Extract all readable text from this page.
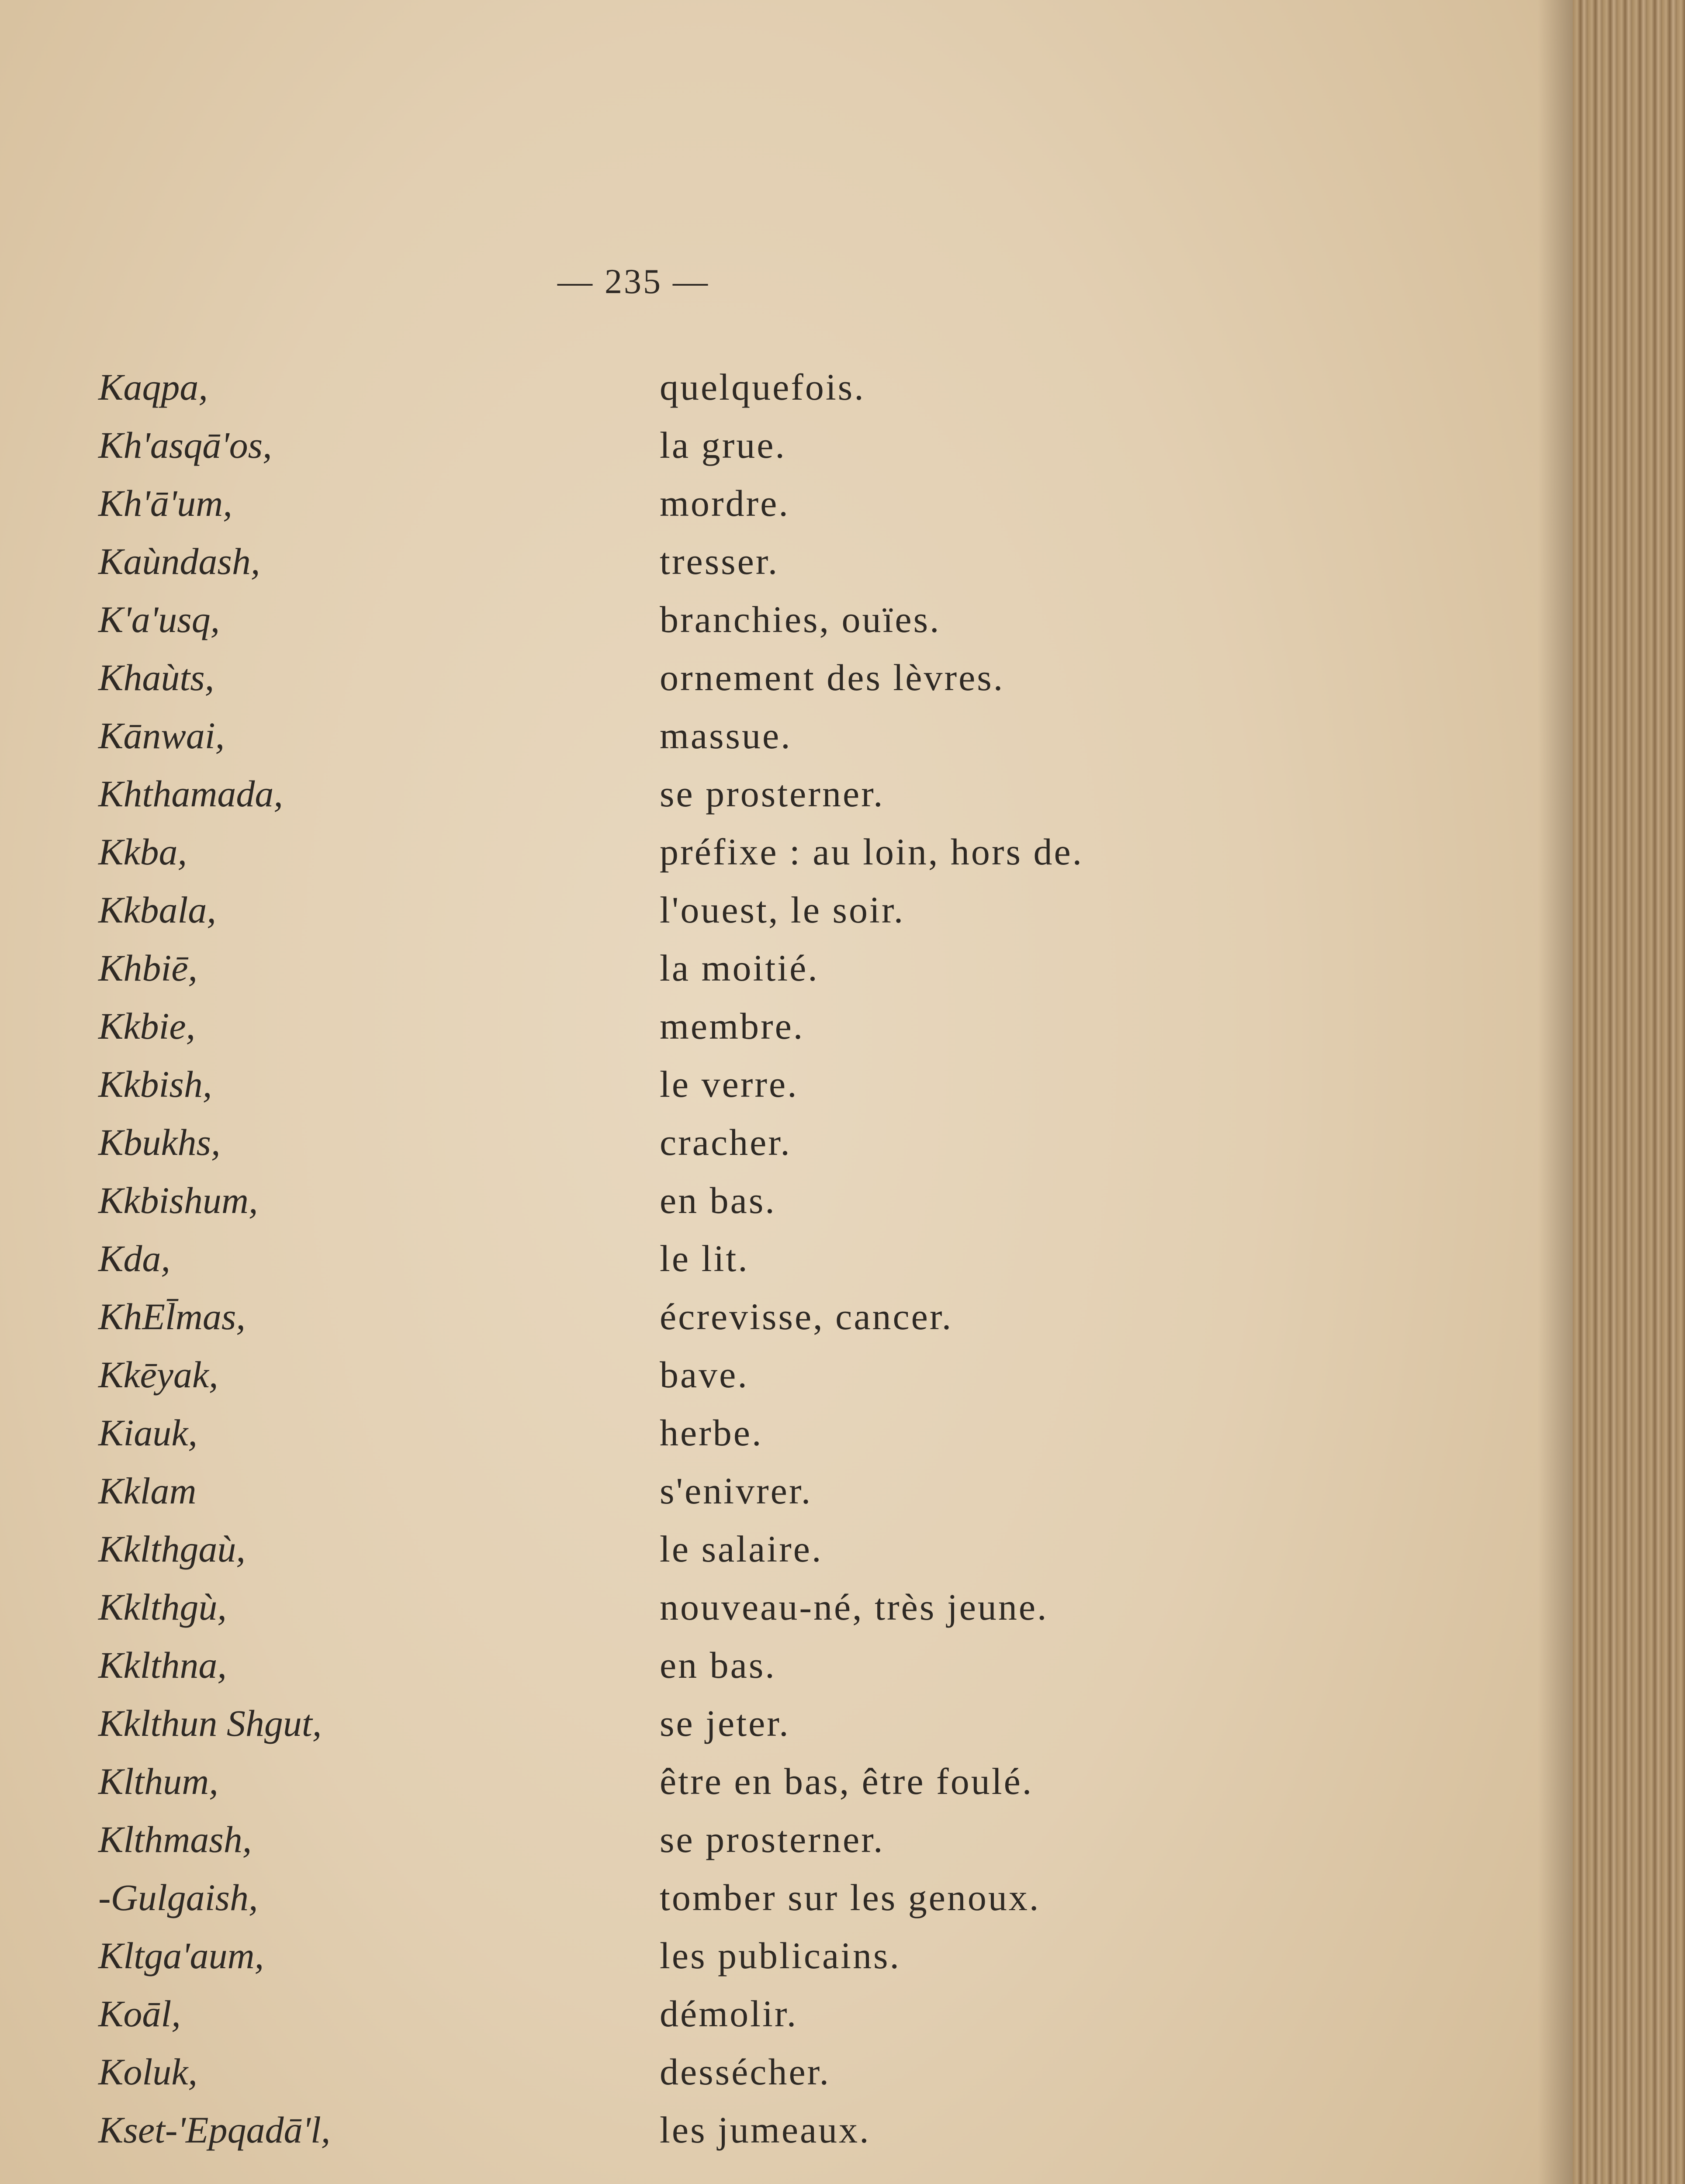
— 235 —
Kaqpa,	quelquefois.
Kh'asqā'os,	la grue.
Kh'ā'um,	mordre.
Kaùndash,	tresser.
K'a'usq,	branchies, ouïes.
Khaùts,	ornement des lèvres.
Kānwai,	massue.
Khthamada,	se prosterner.
Kkba,	préfixe : au loin, hors de.
Kkbala,	l'ouest, le soir.
Khbiē,	la moitié.
Kkbie,	membre.
Kkbish,	le verre.
Kbukhs,	cracher.
Kkbishum,	en bas.
Kda,	le lit.
KhEl̄mas,	écrevisse, cancer.
Kkēyak,	bave.
Kiauk,	herbe.
Kklam	s'enivrer.
Kklthgaù,	le salaire.
Kklthgù,	nouveau-né, très jeune.
Kklthna,	en bas.
Kklthun Shgut,	se jeter.
Klthum,	être en bas, être foulé.
Klthmash,	se prosterner.
-Gulgaish,	tomber sur les genoux.
Kltga'aum,	les publicains.
Koāl,	démolir.
Koluk,	dessécher.
Kset-'Epqadā'l,	les jumeaux.
